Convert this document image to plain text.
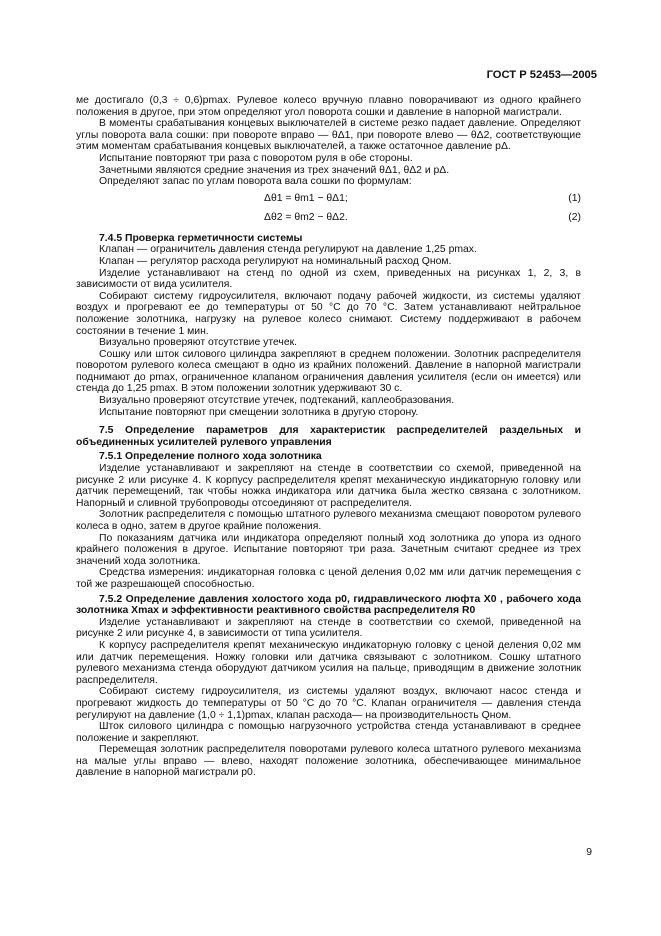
ГОСТ Р 52453—2005

ме достигало (0,3 ÷ 0,6)pmax. Рулевое колесо вручную плавно поворачивают из одного крайнего положения в другое, при этом определяют угол поворота сошки и давление в напорной магистрали.

В моменты срабатывания концевых выключателей в системе резко падает давление. Определяют углы поворота вала сошки: при повороте вправо — θΔ1, при повороте влево — θΔ2, соответствующие этим моментам срабатывания концевых выключателей, а также остаточное давление pΔ.

Испытание повторяют три раза с поворотом руля в обе стороны.

Зачетными являются средние значения из трех значений θΔ1, θΔ2 и pΔ.

Определяют запас по углам поворота вала сошки по формулам:

Δθ1 = θm1 − θΔ1;	(1)
Δθ2 = θm2 − θΔ2.	(2)

7.4.5 Проверка герметичности системы

Клапан — ограничитель давления стенда регулируют на давление 1,25 pmax.

Клапан — регулятор расхода регулируют на номинальный расход Qном.

Изделие устанавливают на стенд по одной из схем, приведенных на рисунках 1, 2, 3, в зависимости от вида усилителя.

Собирают систему гидроусилителя, включают подачу рабочей жидкости, из системы удаляют воздух и прогревают ее до температуры от 50 °С до 70 °С. Затем устанавливают нейтральное положение золотника, нагрузку на рулевое колесо снимают. Систему поддерживают в рабочем состоянии в течение 1 мин.

Визуально проверяют отсутствие утечек.

Сошку или шток силового цилиндра закрепляют в среднем положении. Золотник распределителя поворотом рулевого колеса смещают в одно из крайних положений. Давление в напорной магистрали поднимают до pmax, ограниченное клапаном ограничения давления усилителя (если он имеется) или стенда до 1,25 pmax. В этом положении золотник удерживают 30 с.

Визуально проверяют отсутствие утечек, подтеканий, каплеобразования.

Испытание повторяют при смещении золотника в другую сторону.

7.5 Определение параметров для характеристик распределителей раздельных и объединенных усилителей рулевого управления

7.5.1 Определение полного хода золотника

Изделие устанавливают и закрепляют на стенде в соответствии со схемой, приведенной на рисунке 2 или рисунке 4. К корпусу распределителя крепят механическую индикаторную головку или датчик перемещений, так чтобы ножка индикатора или датчика была жестко связана с золотником. Напорный и сливной трубопроводы отсоединяют от распределителя.

Золотник распределителя с помощью штатного рулевого механизма смещают поворотом рулевого колеса в одно, затем в другое крайние положения.

По показаниям датчика или индикатора определяют полный ход золотника до упора из одного крайнего положения в другое. Испытание повторяют три раза. Зачетным считают среднее из трех значений хода золотника.

Средства измерения: индикаторная головка с ценой деления 0,02 мм или датчик перемещения с той же разрешающей способностью.

7.5.2 Определение давления холостого хода p0, гидравлического люфта X0 , рабочего хода золотника Xmax и эффективности реактивного свойства распределителя R0

Изделие устанавливают и закрепляют на стенде в соответствии со схемой, приведенной на рисунке 2 или рисунке 4, в зависимости от типа усилителя.

К корпусу распределителя крепят механическую индикаторную головку с ценой деления 0,02 мм или датчик перемещения. Ножку головки или датчика связывают с золотником. Сошку штатного рулевого механизма стенда оборудуют датчиком усилия на пальце, приводящим в движение золотник распределителя.

Собирают систему гидроусилителя, из системы удаляют воздух, включают насос стенда и прогревают жидкость до температуры от 50 °С до 70 °С. Клапан ограничителя — давления стенда регулируют на давление (1,0 ÷ 1,1)pmax, клапан расхода— на производительность Qном.

Шток силового цилиндра с помощью нагрузочного устройства стенда устанавливают в среднее положение и закрепляют.

Перемещая золотник распределителя поворотами рулевого колеса штатного рулевого механизма на малые углы вправо — влево, находят положение золотника, обеспечивающее минимальное давление в напорной магистрали p0.

9
